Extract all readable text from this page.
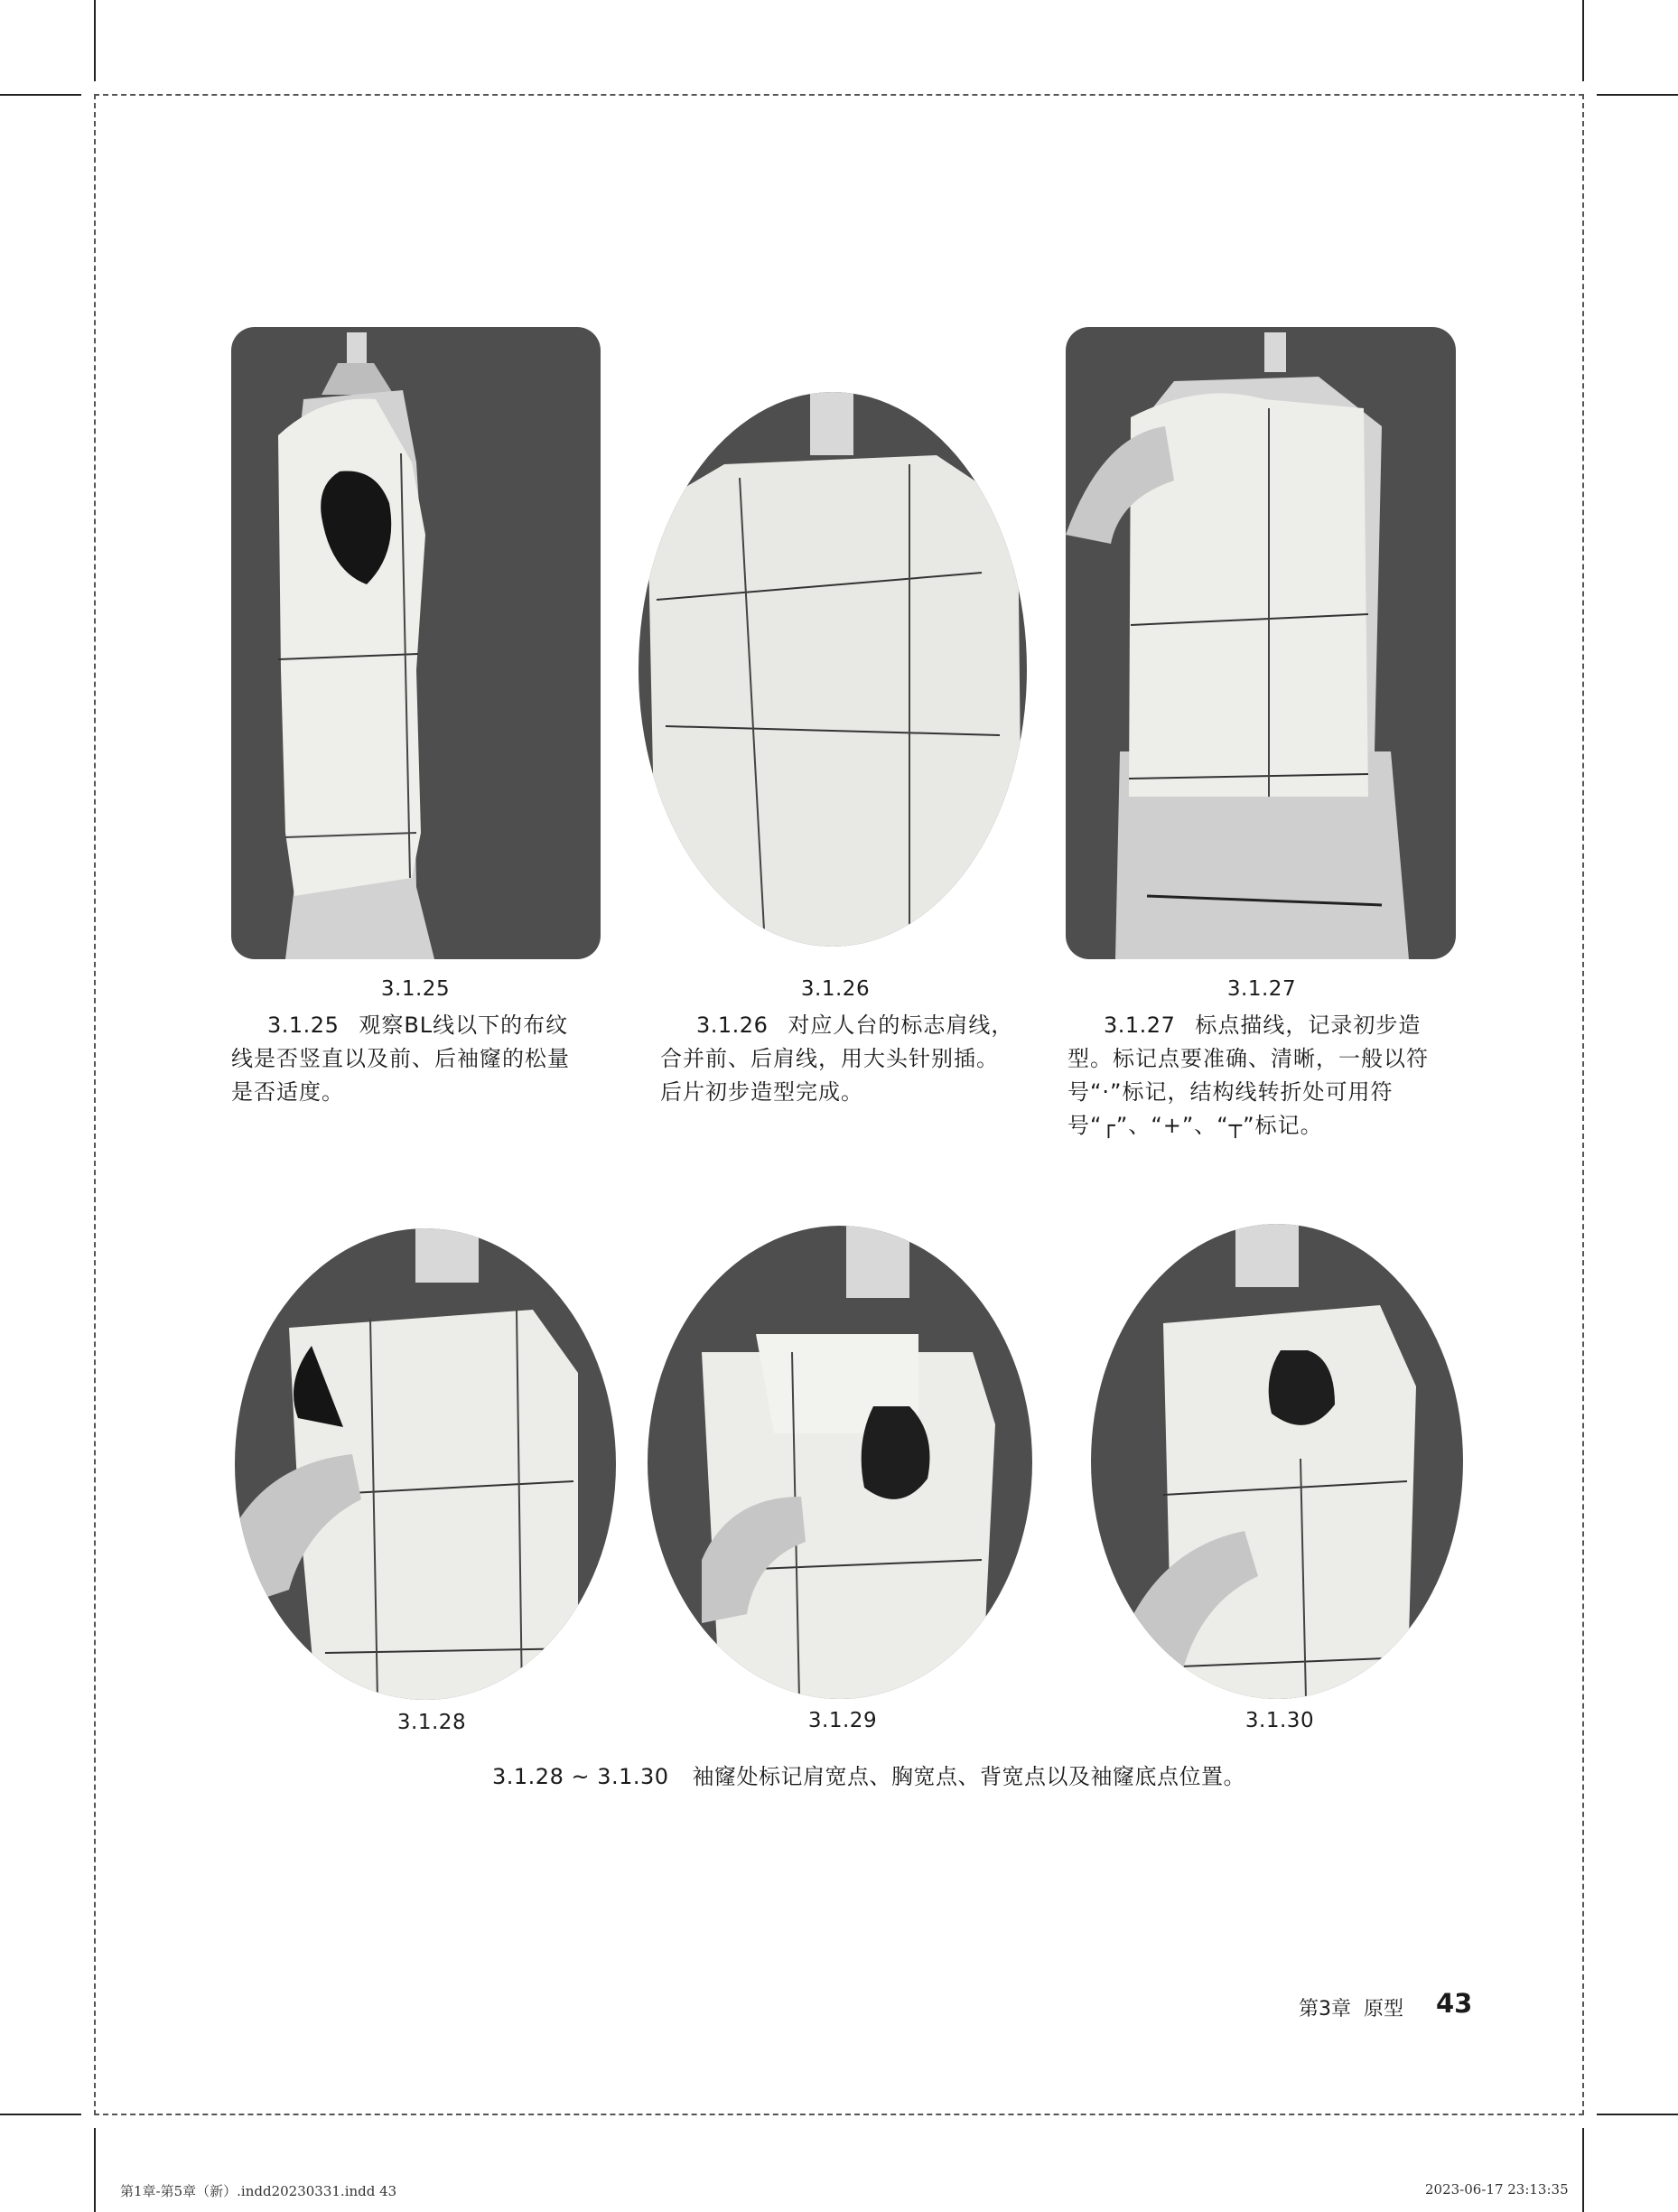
3.1.25	3.1.26	3.1.27
3.1.25 观察BL线以下的布纹线是否竖直以及前、后袖窿的松量是否适度。
3.1.26 对应人台的标志肩线，合并前、后肩线，用大头针别插。后片初步造型完成。
3.1.27 标点描线，记录初步造型。标记点要准确、清晰，一般以符号“·”标记，结构线转折处可用符号“┌”、“+”、“┬”标记。
3.1.28	3.1.29	3.1.30
3.1.28 ~ 3.1.30 袖窿处标记肩宽点、胸宽点、背宽点以及袖窿底点位置。
第3章 原型	43
第1章-第5章（新）.indd20230331.indd 43	2023-06-17 23:13:35
